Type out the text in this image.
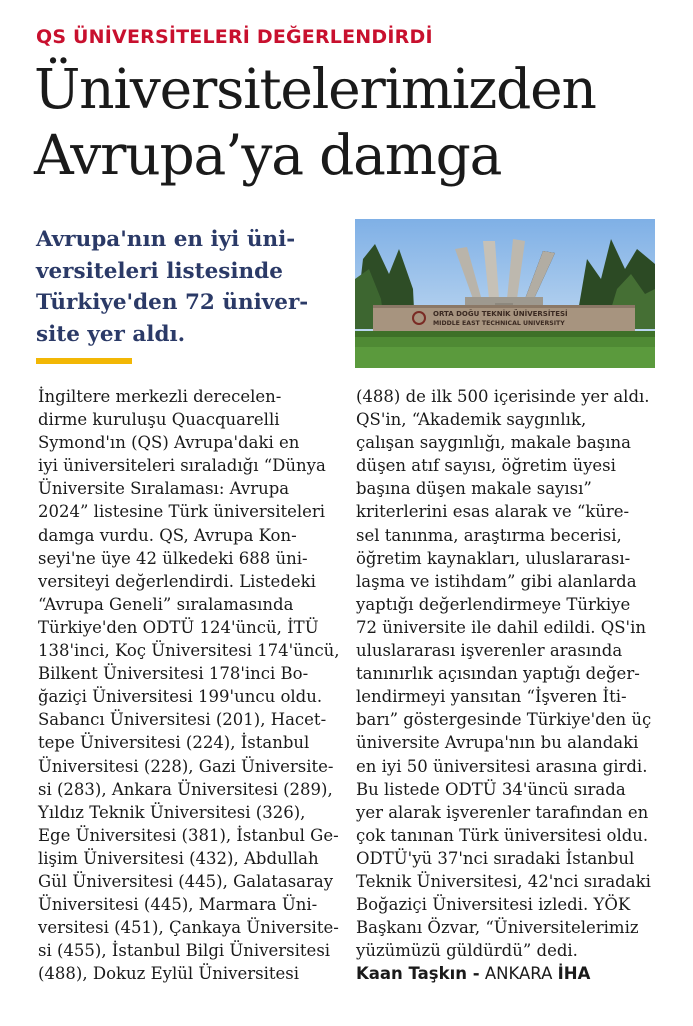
QS ÜNİVERSİTELERİ DEĞERLENDİRDİ
Üniversitelerimizden
Avrupa’ya damga
Avrupa'nın en iyi üni-
versiteleri listesinde
Türkiye'den 72 üniver-
site yer aldı.
ORTA DOĞU TEKNİK ÜNİVERSİTESİ
MIDDLE EAST TECHNICAL UNIVERSITY
İngiltere merkezli derecelen-
dirme kuruluşu Quacquarelli
Symond'ın (QS) Avrupa'daki en
iyi üniversiteleri sıraladığı “Dünya
Üniversite Sıralaması: Avrupa
2024” listesine Türk üniversiteleri
damga vurdu. QS, Avrupa Kon-
seyi'ne üye 42 ülkedeki 688 üni-
versiteyi değerlendirdi. Listedeki
“Avrupa Geneli” sıralamasında
Türkiye'den ODTÜ 124'üncü, İTÜ
138'inci, Koç Üniversitesi 174'üncü,
Bilkent Üniversitesi 178'inci Bo-
ğaziçi Üniversitesi 199'uncu oldu.
Sabancı Üniversitesi (201), Hacet-
tepe Üniversitesi (224), İstanbul
Üniversitesi (228), Gazi Üniversite-
si (283), Ankara Üniversitesi (289),
Yıldız Teknik Üniversitesi (326),
Ege Üniversitesi (381), İstanbul Ge-
lişim Üniversitesi (432), Abdullah
Gül Üniversitesi (445), Galatasaray
Üniversitesi (445), Marmara Üni-
versitesi (451), Çankaya Üniversite-
si (455), İstanbul Bilgi Üniversitesi
(488), Dokuz Eylül Üniversitesi
(488) de ilk 500 içerisinde yer aldı.
QS'in, “Akademik saygınlık,
çalışan saygınlığı, makale başına
düşen atıf sayısı, öğretim üyesi
başına düşen makale sayısı”
kriterlerini esas alarak ve “küre-
sel tanınma, araştırma becerisi,
öğretim kaynakları, uluslararası-
laşma ve istihdam” gibi alanlarda
yaptığı değerlendirmeye Türkiye
72 üniversite ile dahil edildi. QS'in
uluslararası işverenler arasında
tanınırlık açısından yaptığı değer-
lendirmeyi yansıtan “İşveren İti-
barı” göstergesinde Türkiye'den üç
üniversite Avrupa'nın bu alandaki
en iyi 50 üniversitesi arasına girdi.
Bu listede ODTÜ 34'üncü sırada
yer alarak işverenler tarafından en
çok tanınan Türk üniversitesi oldu.
ODTÜ'yü 37'nci sıradaki İstanbul
Teknik Üniversitesi, 42'nci sıradaki
Boğaziçi Üniversitesi izledi. YÖK
Başkanı Özvar, “Üniversitelerimiz
yüzümüzü güldürdü” dedi.
Kaan Taşkın - ANKARA İHA
